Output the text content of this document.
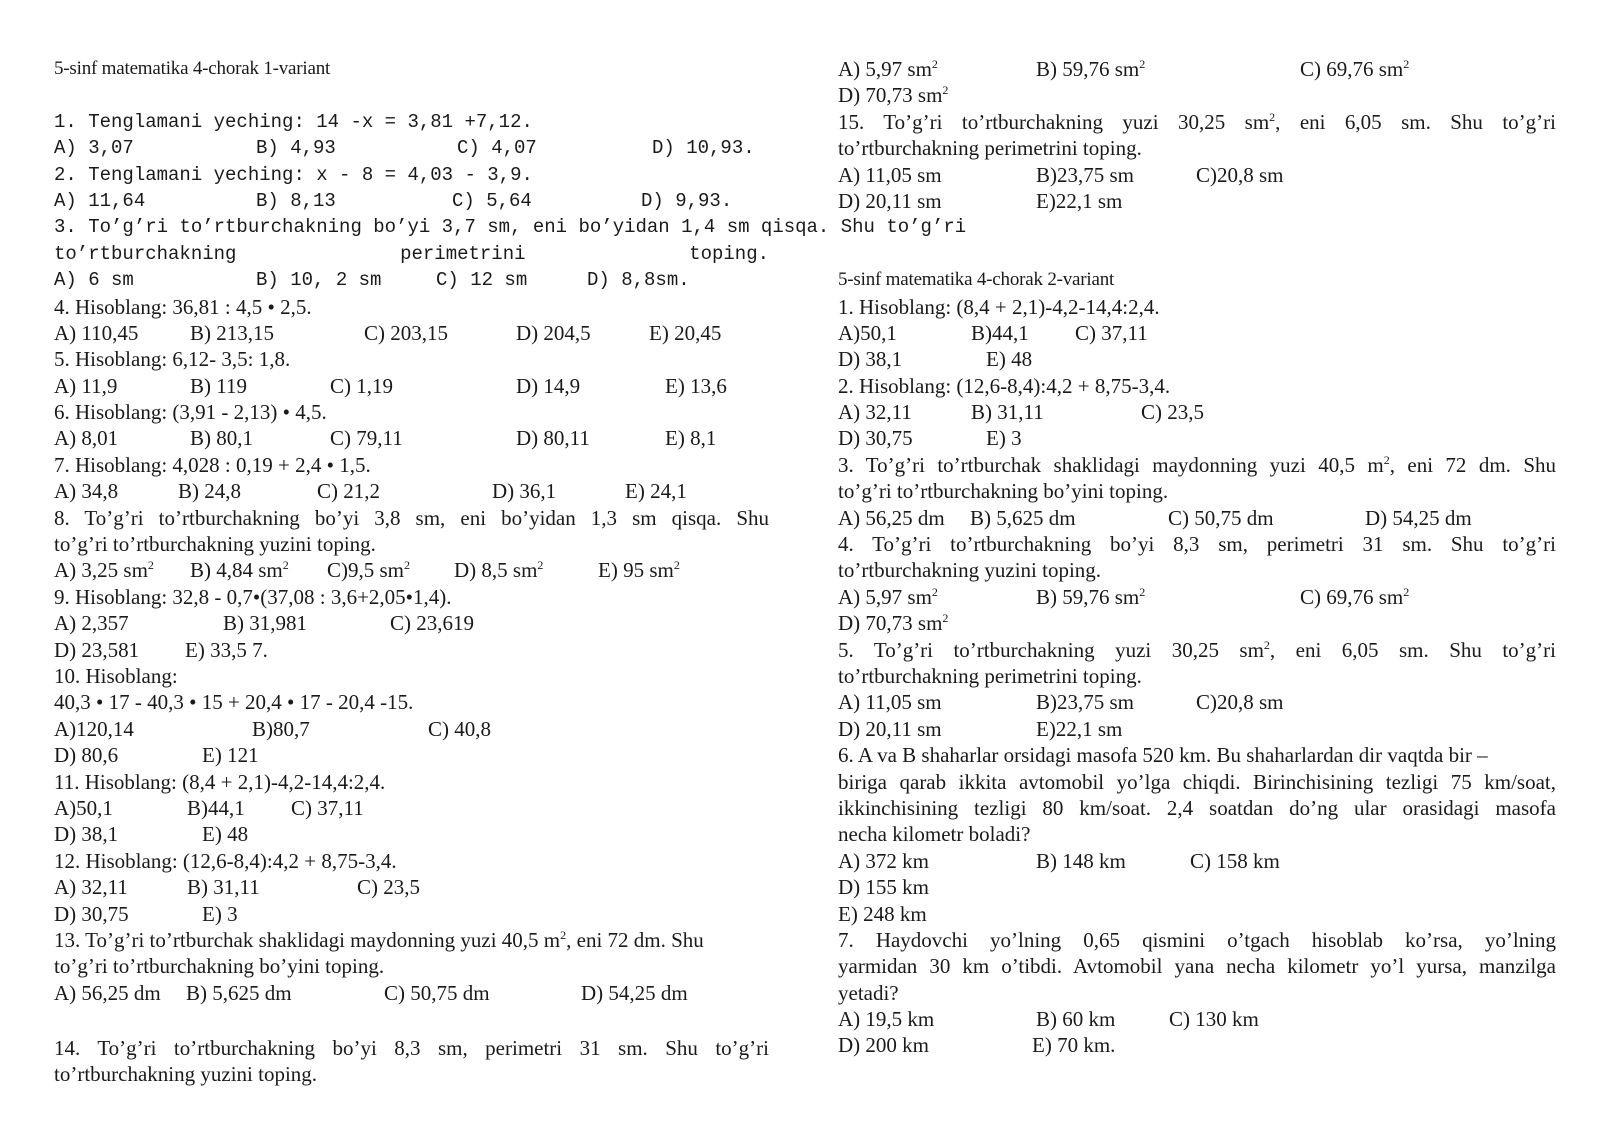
5-sinf matematika 4-chorak 1-variant
1. Tenglamani yeching: 14 -x = 3,81 +7,12.
A) 3,07	B) 4,93	C) 4,07	D) 10,93.
2. Tenglamani yeching: x - 8 = 4,03 - 3,9.
A) 11,64	B) 8,13	C) 5,64	D) 9,93.
3. To’g’ri to’rtburchakning bo’yi 3,7 sm, eni bo’yidan 1,4 sm qisqa. Shu to’g’ri
to’rtburchakning perimetrini toping.
A) 6 sm	B) 10, 2 sm	C) 12 sm	D) 8,8sm.
4. Hisoblang: 36,81 : 4,5 • 2,5.
A) 110,45 B) 213,15	C) 203,15	D) 204,5	E) 20,45
5. Hisoblang: 6,12- 3,5: 1,8.
A) 11,9	B) 119	C) 1,19	D) 14,9	E) 13,6
6. Hisoblang: (3,91 - 2,13) • 4,5.
A) 8,01	B) 80,1	C) 79,11	D) 80,11	E) 8,1
7. Hisoblang: 4,028 : 0,19 + 2,4 • 1,5.
A) 34,8	B) 24,8	C) 21,2	D) 36,1	E) 24,1
8. To’g’ri to’rtburchakning bo’yi 3,8 sm, eni bo’yidan 1,3 sm qisqa. Shu
to’g’ri to’rtburchakning yuzini toping.
A) 3,25 $sm^2$ B) 4,84 $sm^2$ C)9,5 $sm^2$ D) 8,5 $sm^2$	E) 95 $sm^2$
9. Hisoblang: 32,8 - 0,7•(37,08 : 3,6+2,05•1,4).
A) 2,357	B) 31,981	C) 23,619
D) 23,581 E) 33,5 7.
10. Hisoblang:
40,3 • 17 - 40,3 • 15 + 20,4 • 17 - 20,4 -15.
A)120,14	B)80,7	C) 40,8
D) 80,6	E) 121
11. Hisoblang: (8,4 + 2,1)-4,2-14,4:2,4.
A)50,1	B)44,1 C) 37,11
D) 38,1	E) 48
12. Hisoblang: (12,6-8,4):4,2 + 8,75-3,4.
A) 32,11	B) 31,11	C) 23,5
D) 30,75	E) 3
13. To’g’ri to’rtburchak shaklidagi maydonning yuzi 40,5 $m^2$, eni 72 dm. Shu
to’g’ri to’rtburchakning bo’yini toping.
A) 56,25 dm B) 5,625 dm	C) 50,75 dm	D) 54,25 dm
14. To’g’ri to’rtburchakning bo’yi 8,3 sm, perimetri 31 sm. Shu to’g’ri
to’rtburchakning yuzini toping.
A) 5,97 $sm^2$	B) 59,76 $sm^2$	C) 69,76 $sm^2$
D) 70,73 $sm^2$
15. To’g’ri to’rtburchakning yuzi 30,25 $sm^2$, eni 6,05 sm. Shu to’g’ri
to’rtburchakning perimetrini toping.
A) 11,05 sm	B)23,75 sm	C)20,8 sm
D) 20,11 sm	E)22,1 sm
5-sinf matematika 4-chorak 2-variant
1. Hisoblang: (8,4 + 2,1)-4,2-14,4:2,4.
A)50,1	B)44,1 C) 37,11
D) 38,1	E) 48
2. Hisoblang: (12,6-8,4):4,2 + 8,75-3,4.
A) 32,11	B) 31,11	C) 23,5
D) 30,75	E) 3
3. To’g’ri to’rtburchak shaklidagi maydonning yuzi 40,5 $m^2$, eni 72 dm. Shu
to’g’ri to’rtburchakning bo’yini toping.
A) 56,25 dm B) 5,625 dm	C) 50,75 dm	D) 54,25 dm
4. To’g’ri to’rtburchakning bo’yi 8,3 sm, perimetri 31 sm. Shu to’g’ri
to’rtburchakning yuzini toping.
A) 5,97 $sm^2$	B) 59,76 $sm^2$	C) 69,76 $sm^2$
D) 70,73 $sm^2$
5. To’g’ri to’rtburchakning yuzi 30,25 $sm^2$, eni 6,05 sm. Shu to’g’ri
to’rtburchakning perimetrini toping.
A) 11,05 sm	B)23,75 sm	C)20,8 sm
D) 20,11 sm	E)22,1 sm
6. A va B shaharlar orsidagi masofa 520 km. Bu shaharlardan dir vaqtda bir –
biriga qarab ikkita avtomobil yo’lga chiqdi. Birinchisining tezligi 75 km/soat,
ikkinchisining tezligi 80 km/soat. 2,4 soatdan do’ng ular orasidagi masofa
necha kilometr boladi?
A) 372 km	B) 148 km	C) 158 km
D) 155 km
E) 248 km
7. Haydovchi yo’lning 0,65 qismini o’tgach hisoblab ko’rsa, yo’lning
yarmidan 30 km o’tibdi. Avtomobil yana necha kilometr yo’l yursa, manzilga
yetadi?
A) 19,5 km	B) 60 km	C) 130 km
D) 200 km	E) 70 km.
